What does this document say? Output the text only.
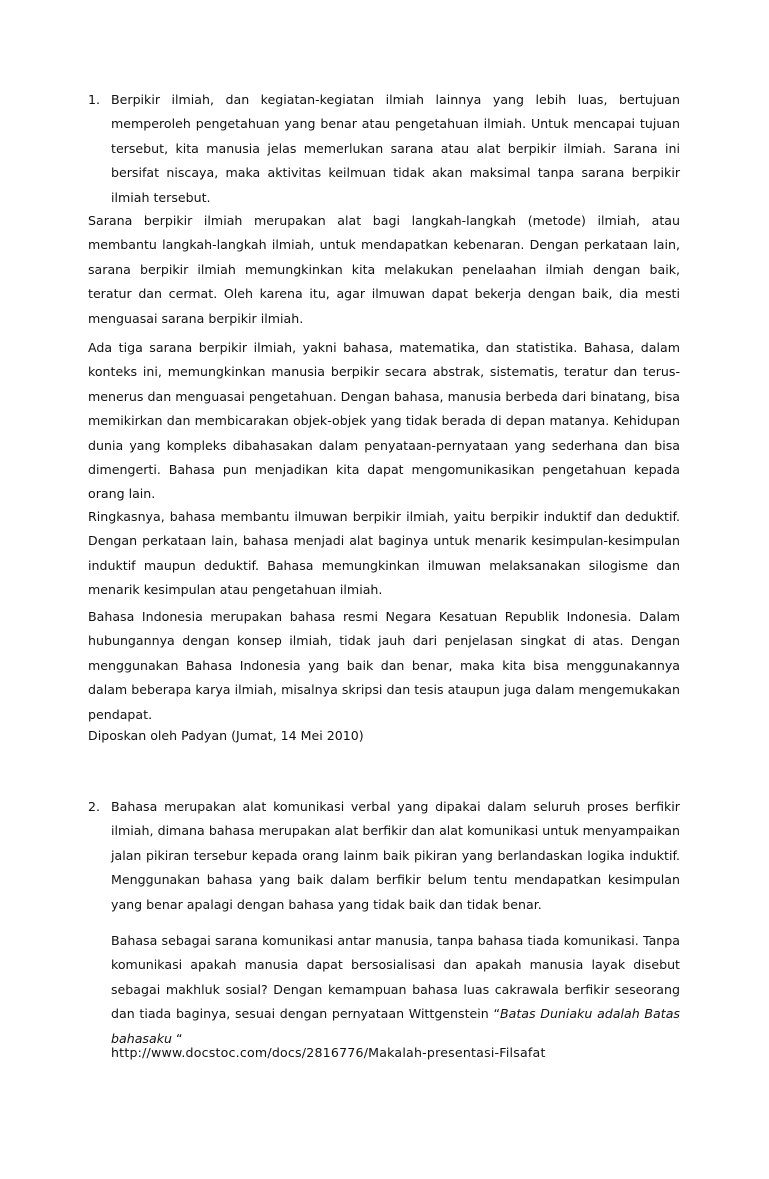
1. Berpikir ilmiah, dan kegiatan-kegiatan ilmiah lainnya yang lebih luas, bertujuan memperoleh pengetahuan yang benar atau pengetahuan ilmiah. Untuk mencapai tujuan tersebut, kita manusia jelas memerlukan sarana atau alat berpikir ilmiah. Sarana ini bersifat niscaya, maka aktivitas keilmuan tidak akan maksimal tanpa sarana berpikir ilmiah tersebut.

Sarana berpikir ilmiah merupakan alat bagi langkah-langkah (metode) ilmiah, atau membantu langkah-langkah ilmiah, untuk mendapatkan kebenaran. Dengan perkataan lain, sarana berpikir ilmiah memungkinkan kita melakukan penelaahan ilmiah dengan baik, teratur dan cermat. Oleh karena itu, agar ilmuwan dapat bekerja dengan baik, dia mesti menguasai sarana berpikir ilmiah.

Ada tiga sarana berpikir ilmiah, yakni bahasa, matematika, dan statistika. Bahasa, dalam konteks ini, memungkinkan manusia berpikir secara abstrak, sistematis, teratur dan terus-menerus dan menguasai pengetahuan. Dengan bahasa, manusia berbeda dari binatang, bisa memikirkan dan membicarakan objek-objek yang tidak berada di depan matanya. Kehidupan dunia yang kompleks dibahasakan dalam penyataan-pernyataan yang sederhana dan bisa dimengerti. Bahasa pun menjadikan kita dapat mengomunikasikan pengetahuan kepada orang lain.

Ringkasnya, bahasa membantu ilmuwan berpikir ilmiah, yaitu berpikir induktif dan deduktif. Dengan perkataan lain, bahasa menjadi alat baginya untuk menarik kesimpulan-kesimpulan induktif maupun deduktif. Bahasa memungkinkan ilmuwan melaksanakan silogisme dan menarik kesimpulan atau pengetahuan ilmiah.

Bahasa Indonesia merupakan bahasa resmi Negara Kesatuan Republik Indonesia. Dalam hubungannya dengan konsep ilmiah, tidak jauh dari penjelasan singkat di atas. Dengan menggunakan Bahasa Indonesia yang baik dan benar, maka kita bisa menggunakannya dalam beberapa karya ilmiah, misalnya skripsi dan tesis ataupun juga dalam mengemukakan pendapat.

Diposkan oleh Padyan (Jumat, 14 Mei 2010)

2. Bahasa merupakan alat komunikasi verbal yang dipakai dalam seluruh proses berfikir ilmiah, dimana bahasa merupakan alat berfikir dan alat komunikasi untuk menyampaikan jalan pikiran tersebur kepada orang lainm baik pikiran yang berlandaskan logika induktif. Menggunakan bahasa yang baik dalam berfikir belum tentu mendapatkan kesimpulan yang benar apalagi dengan bahasa yang tidak baik dan tidak benar.

Bahasa sebagai sarana komunikasi antar manusia, tanpa bahasa tiada komunikasi. Tanpa komunikasi apakah manusia dapat bersosialisasi dan apakah manusia layak disebut sebagai makhluk sosial? Dengan kemampuan bahasa luas cakrawala berfikir seseorang dan tiada baginya, sesuai dengan pernyataan Wittgenstein “Batas Duniaku adalah Batas bahasaku “

http://www.docstoc.com/docs/2816776/Makalah-presentasi-Filsafat
